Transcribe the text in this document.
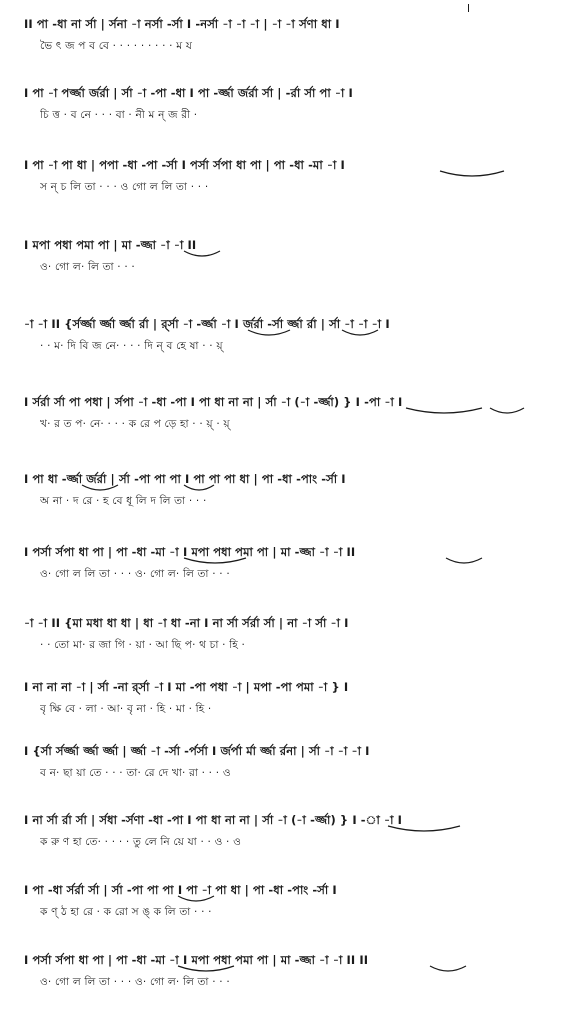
II পা -ধা না র্সা | র্সনা -া নর্সা -র্সা I -নর্সা -া -া -া | -া -া র্সণা ধা I
ভৈ ৎ জ প ব বে · · · · · · · · · ম য
I পা -া পর্জ্জা র্জর্রা | র্সা -া -পা -ধা I পা -র্জ্জা র্জর্রা র্সা | -র্রা র্সা পা -া I
চি ত্ত · ব নে · · · বা · নী ম ন্ জ রী ·
I পা -া পা ধা | পপা -ধা -পা -র্সা I পর্সা র্সপা ধা পা | পা -ধা -মা -া I
স ন্ চ লি তা · · · ও গো ল লি তা · · ·
I মপা পধা পমা পা | মা -জ্জা -া -া II
ও· গো ল· লি তা · · ·
-া -া II {র্সর্জ্জা র্জ্জা র্জ্জা র্রা | র্র্সা -া -র্জ্জা -া I র্জর্রা -র্সা র্জ্জা র্রা | র্সা -া -া -া I
· · ম· দি বি জ নে· · · · দি ন্ ব হে ষা · · য়্
I র্সর্রা র্সা পা পধা | র্সপা -া -ধা -পা I পা ধা না না | র্সা -া (-া -র্জ্জা) } I -পা -া I
খ· র ত প· নে· · · · ক রে প ড়ে হা · · য়্ · য়্
I পা ধা -র্জ্জা র্জর্রা | র্সা -পা পা পা I পা পা পা ধা | পা -ধা -পাং -র্সা I
অ না · দ রে · হ বে ধূ লি দ লি তা · · ·
I পর্সা র্সপা ধা পা | পা -ধা -মা -া I মপা পধা পমা পা | মা -জ্জা -া -া II
ও· গো ল লি তা · · · ও· গো ল· লি তা · · ·
-া -া II {মা মধা ধা ধা | ধা -া ধা -না I না র্সা র্সর্রা র্সা | না -া র্সা -া I
· · তো মা· র জা গি · য়া · আ ছি প· থ চা · হি ·
I না না না -া | র্সা -না র্র্সা -া I মা -পা পধা -া | মপা -পা পমা -া } I
বৃ ক্ষি বে · লা · আ· বৃ না · হি · মা · হি ·
I {র্সা র্সর্জ্জা র্জ্জা র্জ্জা | র্জ্জা -া -র্সা -র্পর্সা I র্জর্পা র্মা র্জ্জা র্রনা | র্সা -া -া -া I
ব ন· ছা য়া তে · · · তা· রে দে খা· রা · · · ও
I না র্সা র্রা র্সা | র্সধা -র্সণা -ধা -পা I পা ধা না না | র্সা -া (-া -র্জ্জা) } I -া -া I
ক রু ণ হা তে· · · · · তু লে নি য়ে যা · · ও · ও
I পা -ধা র্সর্রা র্সা | র্সা -পা পা পা I পা -া পা ধা | পা -ধা -পাং -র্সা I
ক ণ্ ঠ হা রে · ক রো স ঙ্ ক লি তা · · ·
I পর্সা র্সপা ধা পা | পা -ধা -মা -া I মপা পধা পমা পা | মা -জ্জা -া -া II II
ও· গো ল লি তা · · · ও· গো ল· লি তা · · ·
